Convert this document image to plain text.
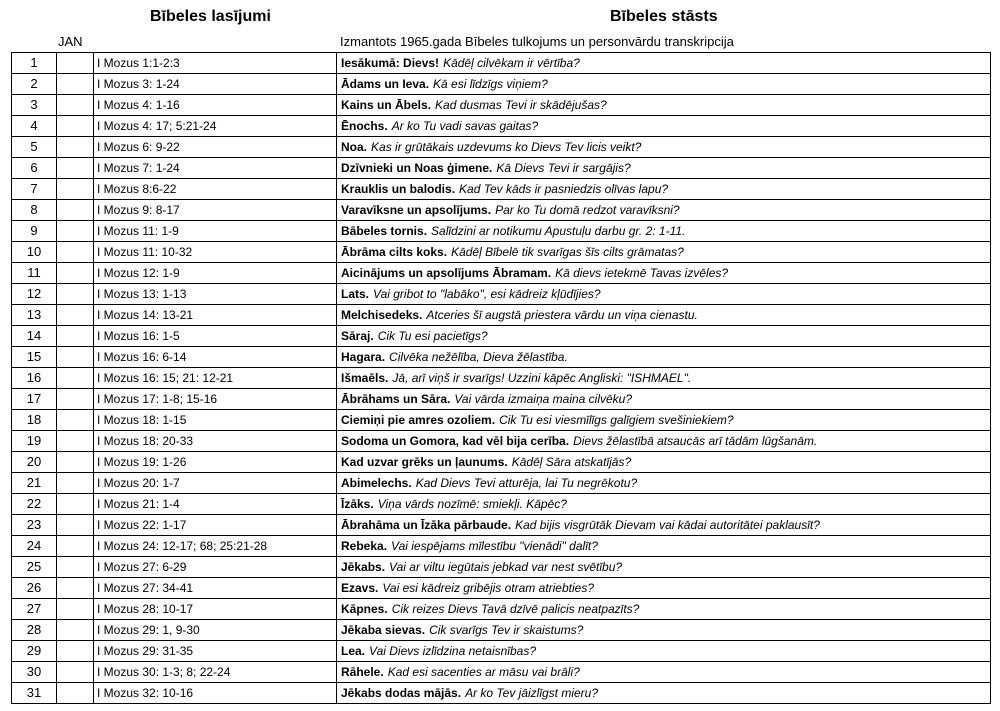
Bībeles lasījumi	Bībeles stāsts
JAN	Izmantots 1965.gada Bībeles tulkojums un personvārdu transkripcija
1		I Mozus 1:1-2:3	Iesākumā: Dievs! Kādēļ cilvēkam ir vērtība?
2		I Mozus 3: 1-24	Ādams un Ieva. Kā esi līdzīgs viņiem?
3		I Mozus 4: 1-16	Kains un Ābels. Kad dusmas Tevi ir skādējušas?
4		I Mozus 4: 17; 5:21-24	Ēnochs. Ar ko Tu vadi savas gaitas?
5		I Mozus 6: 9-22	Noa. Kas ir grūtākais uzdevums ko Dievs Tev licis veikt?
6		I Mozus 7: 1-24	Dzīvnieki un Noas ģimene. Kā Dievs Tevi ir sargājis?
7		I Mozus 8:6-22	Krauklis un balodis. Kad Tev kāds ir pasniedzis olīvas lapu?
8		I Mozus 9: 8-17	Varavīksne un apsolījums. Par ko Tu domā redzot varavīksni?
9		I Mozus 11: 1-9	Bābeles tornis. Salīdzini ar notikumu Apustuļu darbu gr. 2: 1-11.
10		I Mozus 11: 10-32	Ābrāma cilts koks. Kādēļ Bībelē tik svarīgas šīs cilts grāmatas?
11		I Mozus 12: 1-9	Aicinājums un apsolījums Ābramam. Kā dievs ietekmē Tavas izvēles?
12		I Mozus 13: 1-13	Lats. Vai gribot to "labāko", esi kādreiz kļūdījies?
13		I Mozus 14: 13-21	Melchisedeks. Atceries šī augstā priestera vārdu un viņa cienastu.
14		I Mozus 16: 1-5	Sāraj. Cik Tu esi pacietīgs?
15		I Mozus 16: 6-14	Hagara. Cilvēka nežēlība, Dieva žēlastība.
16		I Mozus 16: 15; 21: 12-21	Išmaēls. Jā, arī viņš ir svarīgs! Uzzini kāpēc Angliski: "ISHMAEL".
17		I Mozus 17: 1-8; 15-16	Ābrāhams un Sāra. Vai vārda izmaiņa maina cilvēku?
18		I Mozus 18: 1-15	Ciemiņi pie amres ozoliem. Cik Tu esi viesmīlīgs galīgiem svešiniekiem?
19		I Mozus 18: 20-33	Sodoma un Gomora, kad vēl bija cerība. Dievs žēlastībā atsaucās arī tādām lūgšanām.
20		I Mozus 19: 1-26	Kad uzvar grēks un ļaunums. Kādēļ Sāra atskatījās?
21		I Mozus 20: 1-7	Abimelechs. Kad Dievs Tevi atturēja, lai Tu negrēkotu?
22		I Mozus 21: 1-4	Īzāks. Viņa vārds nozīmē: smiekļi. Kāpēc?
23		I Mozus 22: 1-17	Ābrahāma un Īzāka pārbaude. Kad bijis visgrūtāk Dievam vai kādai autoritātei paklausīt?
24		I Mozus 24: 12-17; 68; 25:21-28	Rebeka. Vai iespējams mīlestību "vienādi" dalīt?
25		I Mozus 27: 6-29	Jēkabs. Vai ar viltu iegūtais jebkad var nest svētību?
26		I Mozus 27: 34-41	Ezavs. Vai esi kādreiz gribējis otram atriebties?
27		I Mozus 28: 10-17	Kāpnes. Cik reizes Dievs Tavā dzīvē palicis neatpazīts?
28		I Mozus 29: 1, 9-30	Jēkaba sievas. Cik svarīgs Tev ir skaistums?
29		I Mozus 29: 31-35	Lea. Vai Dievs izlīdzina netaisnības?
30		I Mozus 30: 1-3; 8; 22-24	Rāhele. Kad esi sacenties ar māsu vai brāli?
31		I Mozus 32: 10-16	Jēkabs dodas mājās. Ar ko Tev jāizlīgst mieru?
